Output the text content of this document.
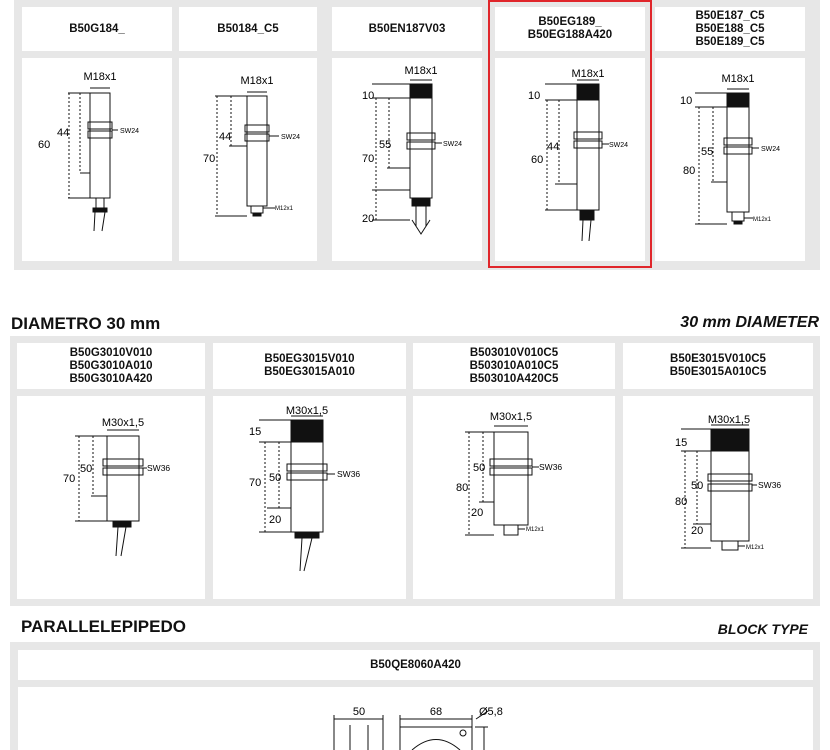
B50G184_
M18x1
60
44	SW24
B50184_C5
M18x1
70
44	SW24
M12x1
B50EN187V03
M18x1
10
55
70
20
SW24
B50EG189_
B50EG188A420
M18x1
10
44
60
SW24
B50E187_C5
B50E188_C5
B50E189_C5
M18x1
10
55
80
SW24
M12x1
DIAMETRO 30 mm	30 mm DIAMETER
B50G3010V010
B50G3010A010
B50G3010A420
M30x1,5
70
50	SW36
B50EG3015V010
B50EG3015A010
M30x1,5
15
70 50
20
SW36
B503010V010C5
B503010A010C5
B503010A420C5
M30x1,5
50
80
20
SW36
M12x1
B50E3015V010C5
B50E3015A010C5
M30x1,5
15
80
50
20
SW36
M12x1
PARALLELEPIPEDO	BLOCK TYPE
B50QE8060A420
50	68	Ø5,8
